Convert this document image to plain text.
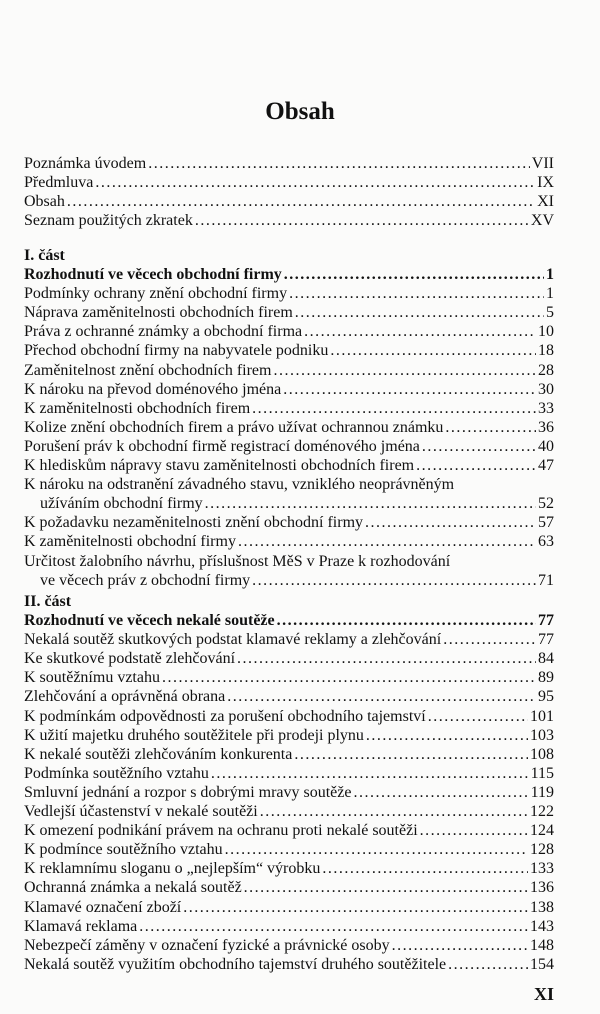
Obsah
Poznámka úvodem .....	VII
Předmluva .....	IX
Obsah .....	XI
Seznam použitých zkratek .....	XV
I. část
Rozhodnutí ve věcech obchodní firmy .....	1
Podmínky ochrany znění obchodní firmy .....	1
Náprava zaměnitelnosti obchodních firem .....	5
Práva z ochranné známky a obchodní firma .....	10
Přechod obchodní firmy na nabyvatele podniku .....	18
Zaměnitelnost znění obchodních firem .....	28
K nároku na převod doménového jména .....	30
K zaměnitelnosti obchodních firem .....	33
Kolize znění obchodních firem a právo užívat ochrannou známku .....	36
Porušení práv k obchodní firmě registrací doménového jména .....	40
K hlediskům nápravy stavu zaměnitelnosti obchodních firem .....	47
K nároku na odstranění závadného stavu, vzniklého neoprávněným
užíváním obchodní firmy .....	52
K požadavku nezaměnitelnosti znění obchodní firmy .....	57
K zaměnitelnosti obchodní firmy .....	63
Určitost žalobního návrhu, příslušnost MěS v Praze k rozhodování
ve věcech práv z obchodní firmy .....	71
II. část
Rozhodnutí ve věcech nekalé soutěže .....	77
Nekalá soutěž skutkových podstat klamavé reklamy a zlehčování .....	77
Ke skutkové podstatě zlehčování .....	84
K soutěžnímu vztahu .....	89
Zlehčování a oprávněná obrana .....	95
K podmínkám odpovědnosti za porušení obchodního tajemství .....	101
K užití majetku druhého soutěžitele při prodeji plynu .....	103
K nekalé soutěži zlehčováním konkurenta .....	108
Podmínka soutěžního vztahu .....	115
Smluvní jednání a rozpor s dobrými mravy soutěže .....	119
Vedlejší účastenství v nekalé soutěži .....	122
K omezení podnikání právem na ochranu proti nekalé soutěži .....	124
K podmínce soutěžního vztahu .....	128
K reklamnímu sloganu o „nejlepším“ výrobku .....	133
Ochranná známka a nekalá soutěž .....	136
Klamavé označení zboží .....	138
Klamavá reklama .....	143
Nebezpečí záměny v označení fyzické a právnické osoby .....	148
Nekalá soutěž využitím obchodního tajemství druhého soutěžitele .....	154
XI
